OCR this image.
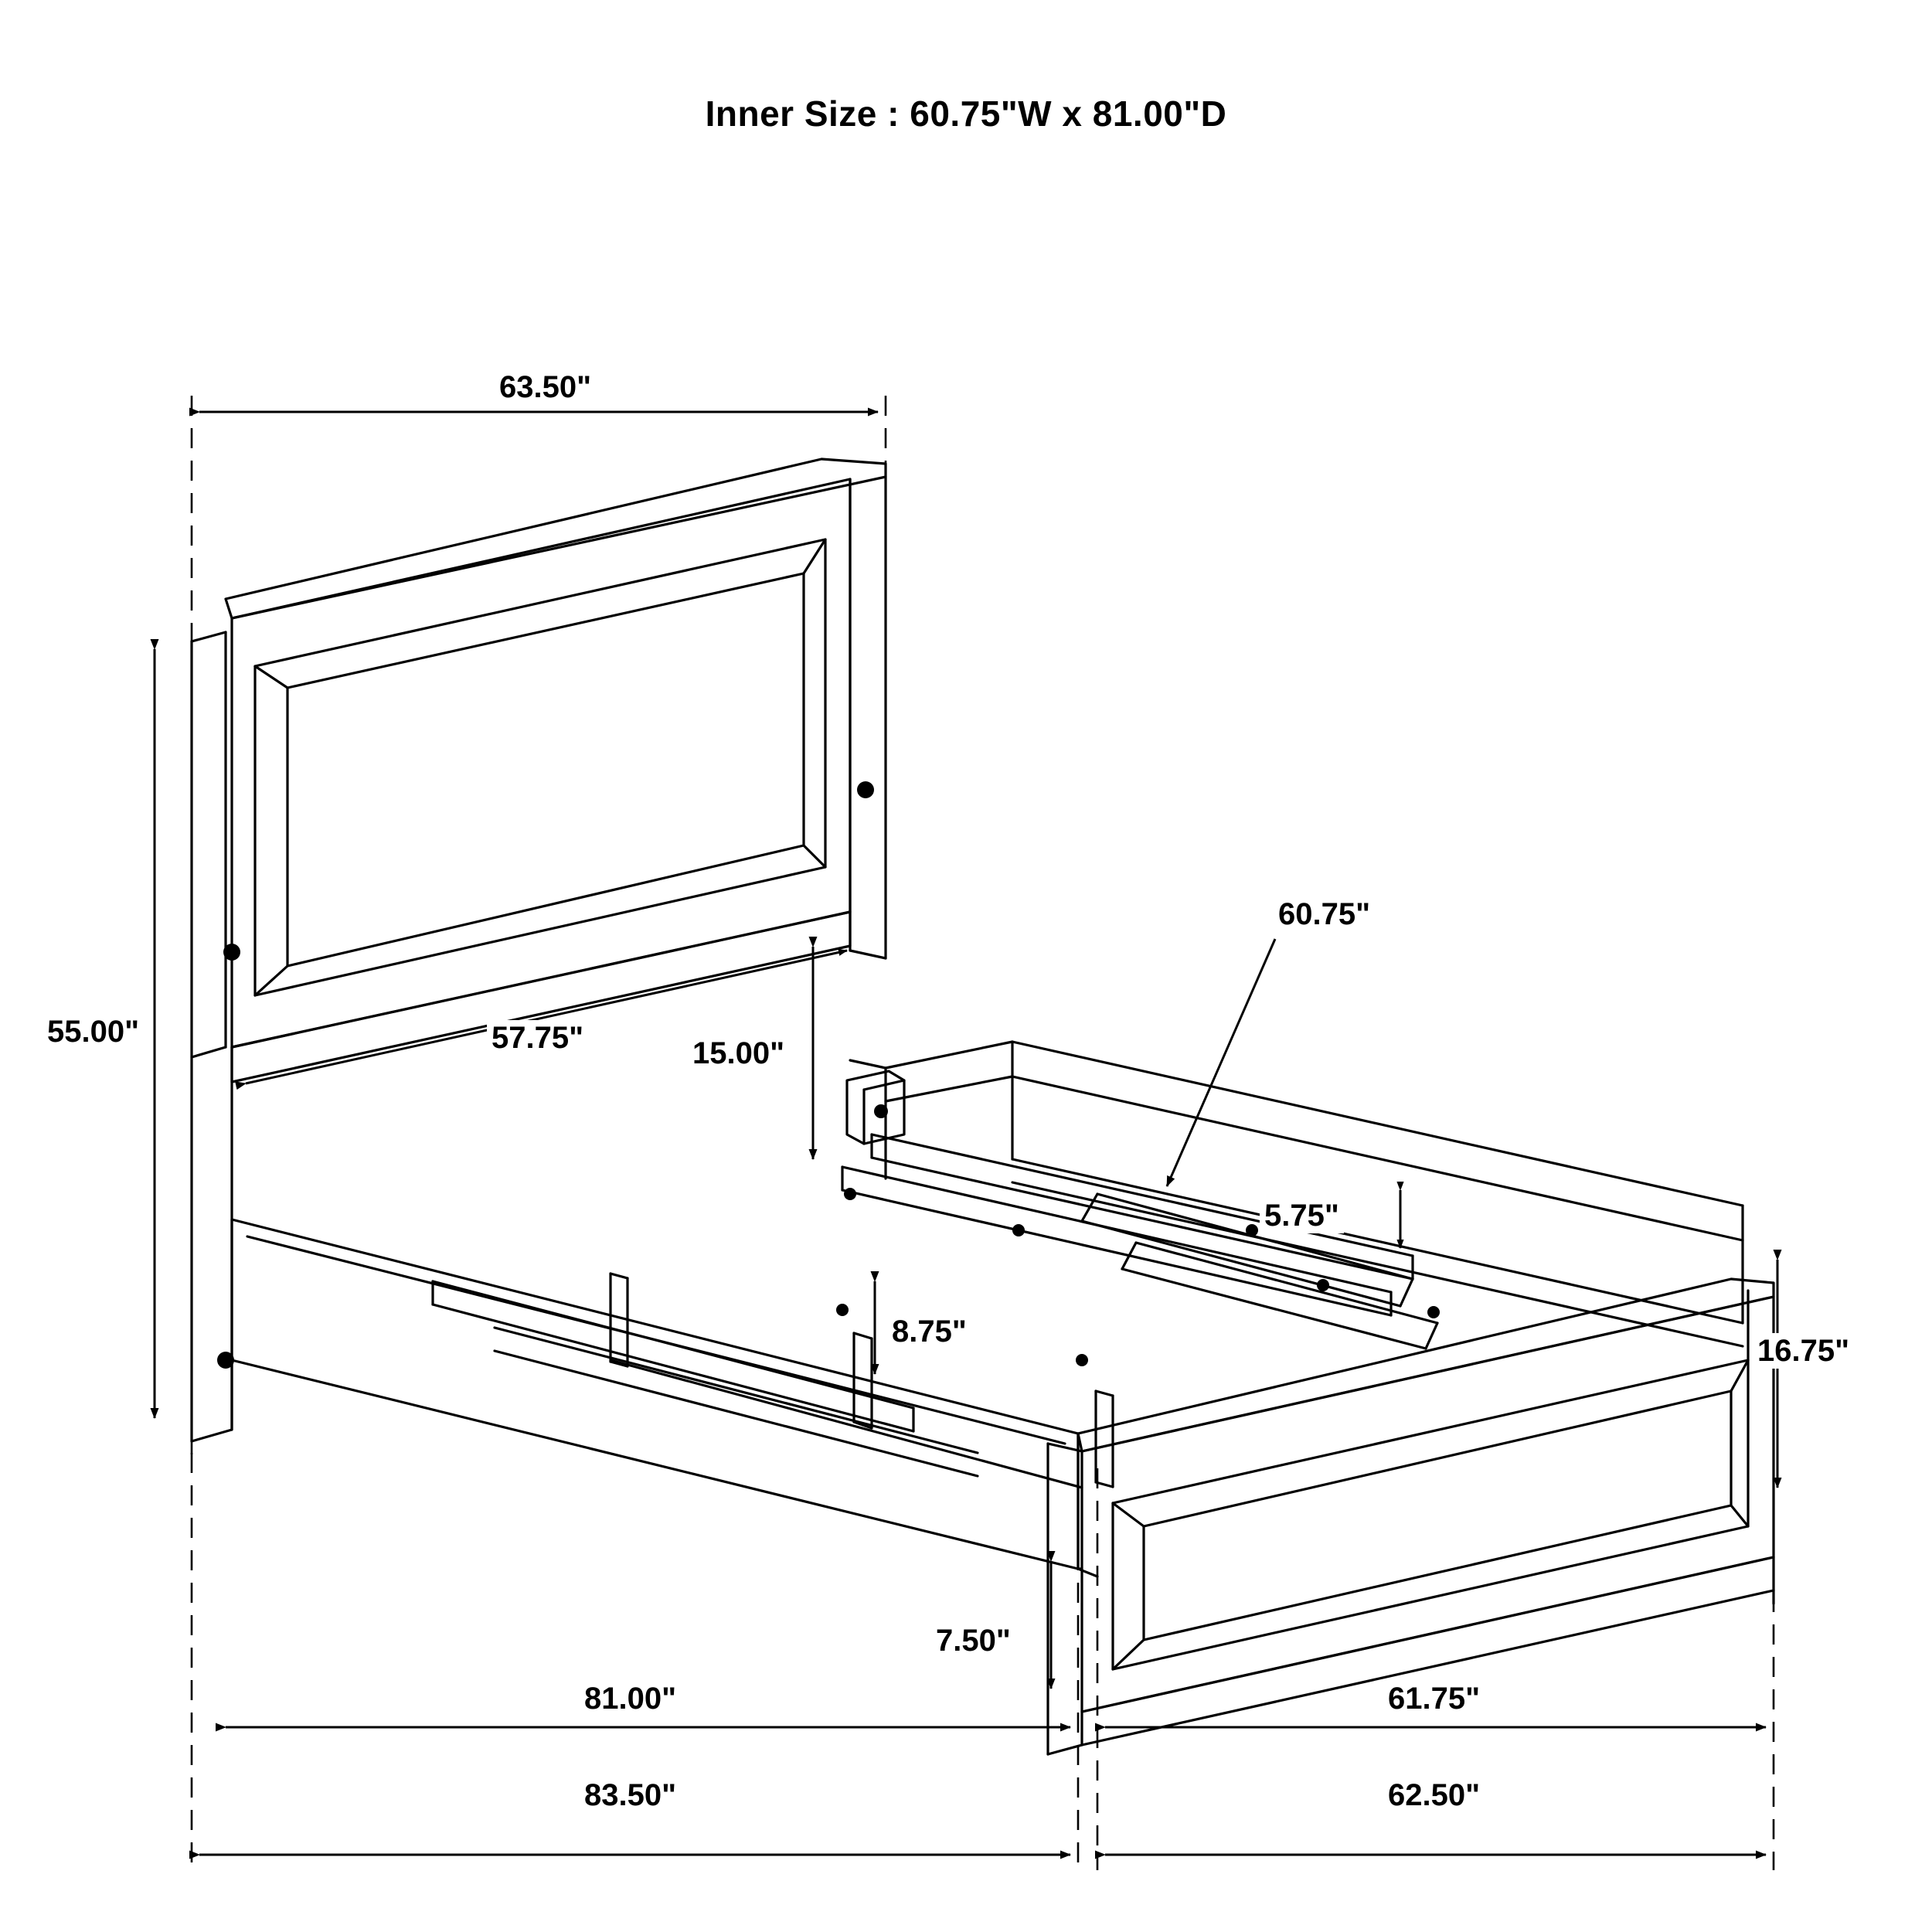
Inner Size : 60.75"W x 81.00"D
63.50"
55.00"	57.75"	15.00"
60.75"
5.75"
16.75"
8.75"
7.50"
81.00"	61.75"
83.50"	62.50"
